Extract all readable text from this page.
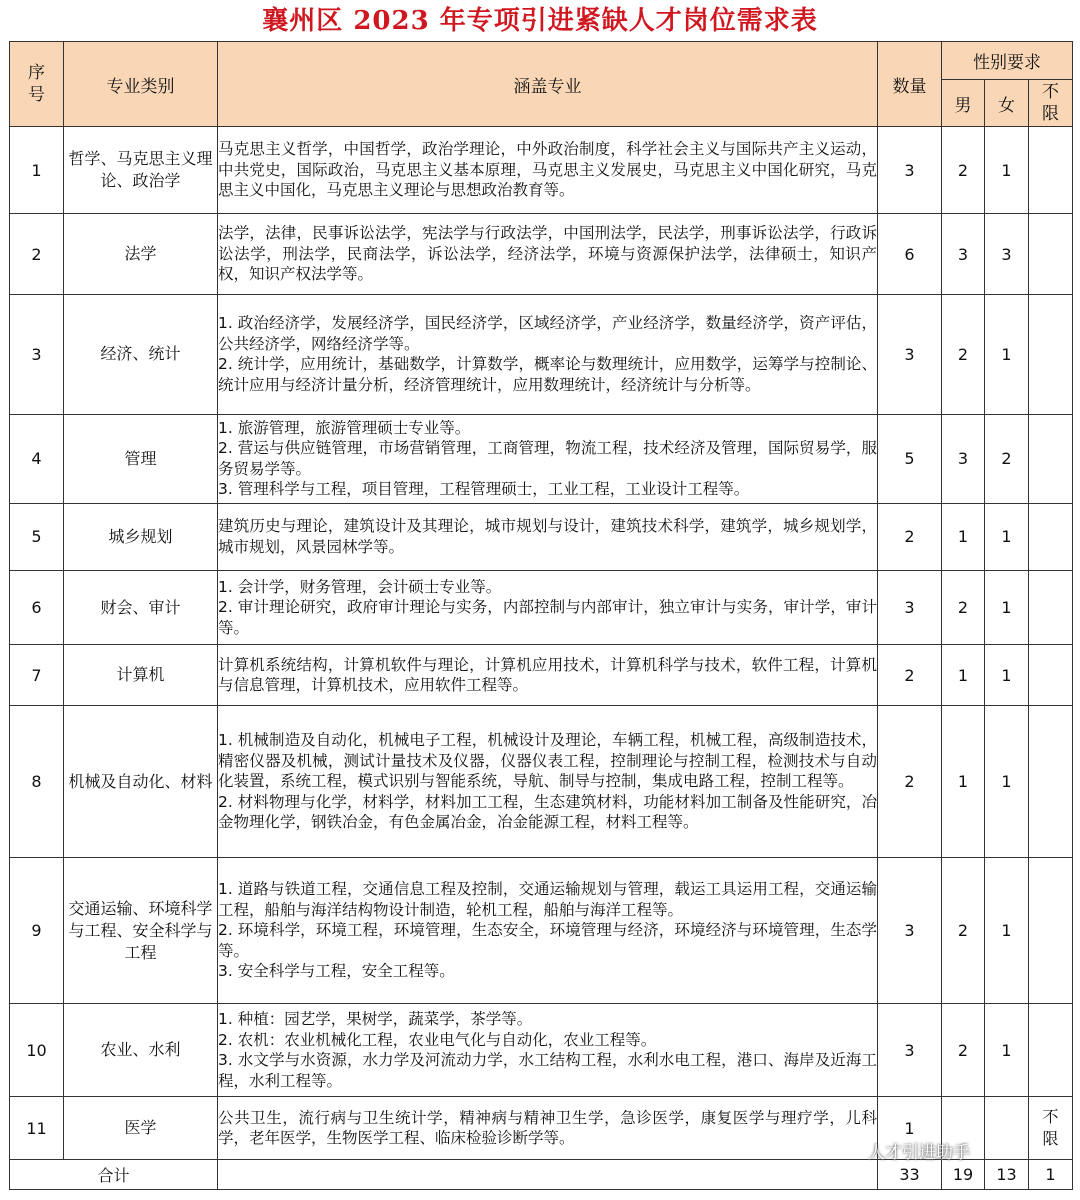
襄州区 2023 年专项引进紧缺人才岗位需求表
序号	专业类别	涵盖专业	数量	性别要求		
				男	女	不限
1	哲学、马克思主义理论、政治学	马克思主义哲学，中国哲学，政治学理论，中外政治制度，科学社会主义与国际共产主义运动，中共党史，国际政治，马克思主义基本原理，马克思主义发展史，马克思主义中国化研究，马克思主义中国化，马克思主义理论与思想政治教育等。	3	2	1	
2	法学	法学，法律，民事诉讼法学，宪法学与行政法学，中国刑法学，民法学，刑事诉讼法学，行政诉讼法学，刑法学，民商法学，诉讼法学，经济法学，环境与资源保护法学，法律硕士，知识产权，知识产权法学等。	6	3	3	
3	经济、统计	1. 政治经济学，发展经济学，国民经济学，区域经济学，产业经济学，数量经济学，资产评估，公共经济学，网络经济学等。
2. 统计学，应用统计，基础数学，计算数学，概率论与数理统计，应用数学，运筹学与控制论、统计应用与经济计量分析，经济管理统计，应用数理统计，经济统计与分析等。	3	2	1	
4	管理	1. 旅游管理，旅游管理硕士专业等。
2. 营运与供应链管理，市场营销管理，工商管理，物流工程，技术经济及管理，国际贸易学，服务贸易学等。
3. 管理科学与工程，项目管理，工程管理硕士，工业工程，工业设计工程等。	5	3	2	
5	城乡规划	建筑历史与理论，建筑设计及其理论，城市规划与设计，建筑技术科学，建筑学，城乡规划学，城市规划，风景园林学等。	2	1	1	
6	财会、审计	1. 会计学，财务管理，会计硕士专业等。
2. 审计理论研究，政府审计理论与实务，内部控制与内部审计，独立审计与实务，审计学，审计等。	3	2	1	
7	计算机	计算机系统结构，计算机软件与理论，计算机应用技术，计算机科学与技术，软件工程，计算机与信息管理，计算机技术，应用软件工程等。	2	1	1	
8	机械及自动化、材料	1. 机械制造及自动化，机械电子工程，机械设计及理论，车辆工程，机械工程，高级制造技术，精密仪器及机械，测试计量技术及仪器，仪器仪表工程，控制理论与控制工程，检测技术与自动化装置，系统工程，模式识别与智能系统，导航、制导与控制，集成电路工程，控制工程等。
2. 材料物理与化学，材料学，材料加工工程，生态建筑材料，功能材料加工制备及性能研究，冶金物理化学，钢铁冶金，有色金属冶金，冶金能源工程，材料工程等。	2	1	1	
9	交通运输、环境科学与工程、安全科学与工程	1. 道路与铁道工程，交通信息工程及控制，交通运输规划与管理，载运工具运用工程，交通运输工程，船舶与海洋结构物设计制造，轮机工程，船舶与海洋工程等。
2. 环境科学，环境工程，环境管理，生态安全，环境管理与经济，环境经济与环境管理，生态学等。
3. 安全科学与工程，安全工程等。	3	2	1	
10	农业、水利	1. 种植：园艺学，果树学，蔬菜学，茶学等。
2. 农机：农业机械化工程，农业电气化与自动化，农业工程等。
3. 水文学与水资源，水力学及河流动力学，水工结构工程，水利水电工程，港口、海岸及近海工程，水利工程等。	3	2	1	
11	医学	公共卫生，流行病与卫生统计学，精神病与精神卫生学，急诊医学，康复医学与理疗学，儿科学，老年医学，生物医学工程、临床检验诊断学等。	1			不限
合计			33	19	13	1
人才引进助手
